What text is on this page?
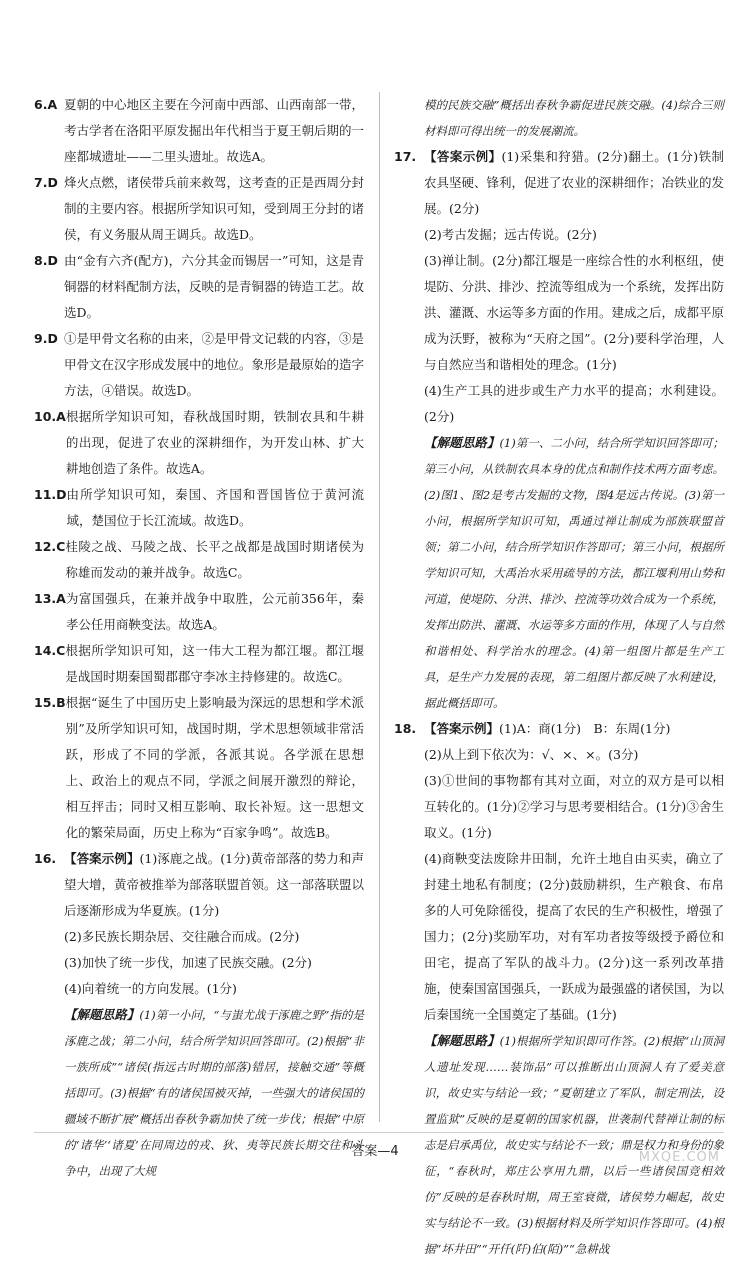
6.A 夏朝的中心地区主要在今河南中西部、山西南部一带，考古学者在洛阳平原发掘出年代相当于夏王朝后期的一座都城遗址——二里头遗址。故选A。

7.D 烽火点燃，诸侯带兵前来救驾，这考查的正是西周分封制的主要内容。根据所学知识可知，受到周王分封的诸侯，有义务服从周王调兵。故选D。

8.D 由“金有六齐(配方)，六分其金而锡居一”可知，这是青铜器的材料配制方法，反映的是青铜器的铸造工艺。故选D。

9.D ①是甲骨文名称的由来，②是甲骨文记载的内容，③是甲骨文在汉字形成发展中的地位。象形是最原始的造字方法，④错误。故选D。

10.A 根据所学知识可知，春秋战国时期，铁制农具和牛耕的出现，促进了农业的深耕细作，为开发山林、扩大耕地创造了条件。故选A。

11.D 由所学知识可知，秦国、齐国和晋国皆位于黄河流域，楚国位于长江流域。故选D。

12.C 桂陵之战、马陵之战、长平之战都是战国时期诸侯为称雄而发动的兼并战争。故选C。

13.A 为富国强兵，在兼并战争中取胜，公元前356年，秦孝公任用商鞅变法。故选A。

14.C 根据所学知识可知，这一伟大工程为都江堰。都江堰是战国时期秦国蜀郡郡守李冰主持修建的。故选C。

15.B 根据“诞生了中国历史上影响最为深远的思想和学术派别”及所学知识可知，战国时期，学术思想领域非常活跃，形成了不同的学派，各派其说。各学派在思想上、政治上的观点不同，学派之间展开激烈的辩论，相互抨击；同时又相互影响、取长补短。这一思想文化的繁荣局面，历史上称为“百家争鸣”。故选B。

16. 【答案示例】(1)涿鹿之战。(1分)黄帝部落的势力和声望大增，黄帝被推举为部落联盟首领。这一部落联盟以后逐渐形成为华夏族。(1分)

(2)多民族长期杂居、交往融合而成。(2分)

(3)加快了统一步伐，加速了民族交融。(2分)

(4)向着统一的方向发展。(1分)

【解题思路】(1)第一小问，“与蚩尤战于涿鹿之野”指的是涿鹿之战；第二小问，结合所学知识回答即可。(2)根据“非一族所成”“诸侯(指远古时期的部落)错居，接触交通”等概括即可。(3)根据“有的诸侯国被灭掉，一些强大的诸侯国的疆域不断扩展”概括出春秋争霸加快了统一步伐；根据“中原的‘诸华’‘诸夏’在同周边的戎、狄、夷等民族长期交往和斗争中，出现了大规

模的民族交融”概括出春秋争霸促进民族交融。(4)综合三则材料即可得出统一的发展潮流。

17. 【答案示例】(1)采集和狩猎。(2分)翻土。(1分)铁制农具坚硬、锋利，促进了农业的深耕细作；冶铁业的发展。(2分)

(2)考古发掘；远古传说。(2分)

(3)禅让制。(2分)都江堰是一座综合性的水利枢纽，使堤防、分洪、排沙、控流等组成为一个系统，发挥出防洪、灌溉、水运等多方面的作用。建成之后，成都平原成为沃野，被称为“天府之国”。(2分)要科学治理，人与自然应当和谐相处的理念。(1分)

(4)生产工具的进步或生产力水平的提高；水利建设。(2分)

【解题思路】(1)第一、二小问，结合所学知识回答即可；第三小问，从铁制农具本身的优点和制作技术两方面考虑。(2)图1、图2是考古发掘的文物，图4是远古传说。(3)第一小问，根据所学知识可知，禹通过禅让制成为部族联盟首领；第二小问，结合所学知识作答即可；第三小问，根据所学知识可知，大禹治水采用疏导的方法，都江堰利用山势和河道，使堤防、分洪、排沙、控流等功效合成为一个系统，发挥出防洪、灌溉、水运等多方面的作用，体现了人与自然和谐相处、科学治水的理念。(4)第一组图片都是生产工具，是生产力发展的表现，第二组图片都反映了水利建设，据此概括即可。

18. 【答案示例】(1)A：商(1分)　B：东周(1分)

(2)从上到下依次为：√、×、×。(3分)

(3)①世间的事物都有其对立面，对立的双方是可以相互转化的。(1分)②学习与思考要相结合。(1分)③舍生取义。(1分)

(4)商鞅变法废除井田制，允许土地自由买卖，确立了封建土地私有制度；(2分)鼓励耕织，生产粮食、布帛多的人可免除徭役，提高了农民的生产积极性，增强了国力；(2分)奖励军功，对有军功者按等级授予爵位和田宅，提高了军队的战斗力。(2分)这一系列改革措施，使秦国富国强兵，一跃成为最强盛的诸侯国，为以后秦国统一全国奠定了基础。(1分)

【解题思路】(1)根据所学知识即可作答。(2)根据“山顶洞人遗址发现……装饰品”可以推断出山顶洞人有了爱美意识，故史实与结论一致；“夏朝建立了军队，制定刑法，设置监狱”反映的是夏朝的国家机器，世袭制代替禅让制的标志是启承禹位，故史实与结论不一致；鼎是权力和身份的象征，“春秋时，郑庄公享用九鼎，以后一些诸侯国竞相效仿”反映的是春秋时期，周王室衰微，诸侯势力崛起，故史实与结论不一致。(3)根据材料及所学知识作答即可。(4)根据“坏井田”“开仟(阡)伯(陌)”“急耕战

答案—4	MXQE.COM
